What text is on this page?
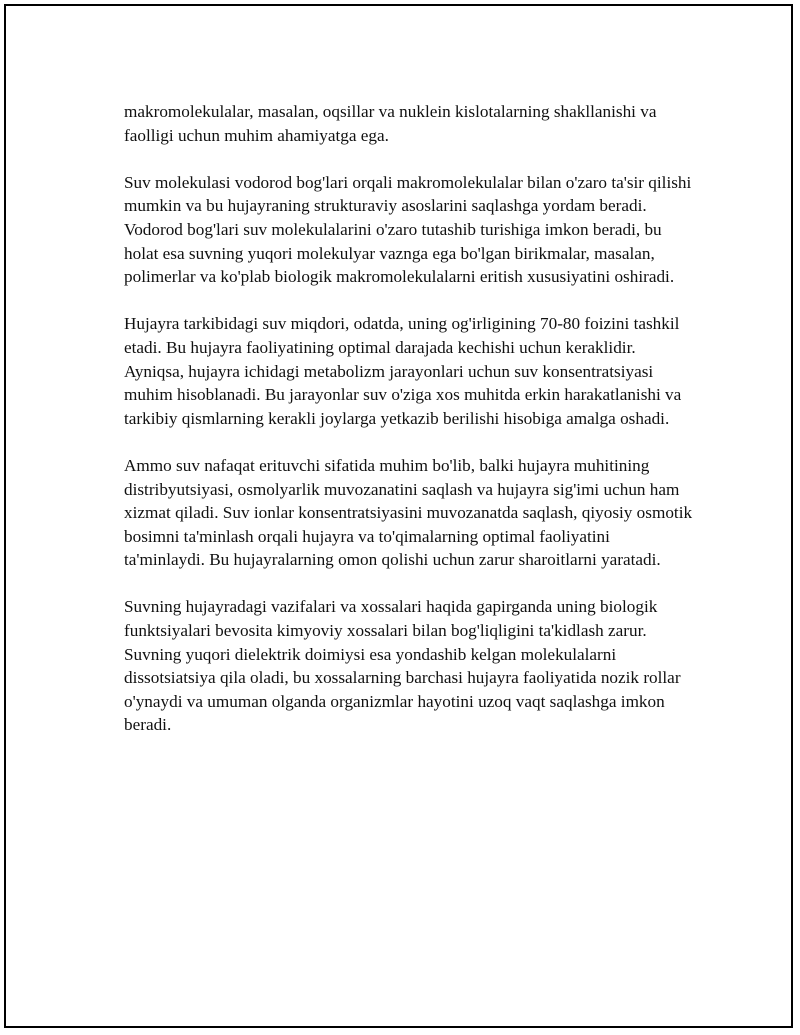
makromolekulalar, masalan, oqsillar va nuklein kislotalarning shakllanishi va faolligi uchun muhim ahamiyatga ega.

Suv molekulasi vodorod bog'lari orqali makromolekulalar bilan o'zaro ta'sir qilishi mumkin va bu hujayraning strukturaviy asoslarini saqlashga yordam beradi. Vodorod bog'lari suv molekulalarini o'zaro tutashib turishiga imkon beradi, bu holat esa suvning yuqori molekulyar vaznga ega bo'lgan birikmalar, masalan, polimerlar va ko'plab biologik makromolekulalarni eritish xususiyatini oshiradi.

Hujayra tarkibidagi suv miqdori, odatda, uning og'irligining 70-80 foizini tashkil etadi. Bu hujayra faoliyatining optimal darajada kechishi uchun keraklidir. Ayniqsa, hujayra ichidagi metabolizm jarayonlari uchun suv konsentratsiyasi muhim hisoblanadi. Bu jarayonlar suv o'ziga xos muhitda erkin harakatlanishi va tarkibiy qismlarning kerakli joylarga yetkazib berilishi hisobiga amalga oshadi.

Ammo suv nafaqat erituvchi sifatida muhim bo'lib, balki hujayra muhitining distribyutsiyasi, osmolyarlik muvozanatini saqlash va hujayra sig'imi uchun ham xizmat qiladi. Suv ionlar konsentratsiyasini muvozanatda saqlash, qiyosiy osmotik bosimni ta'minlash orqali hujayra va to'qimalarning optimal faoliyatini ta'minlaydi. Bu hujayralarning omon qolishi uchun zarur sharoitlarni yaratadi.

Suvning hujayradagi vazifalari va xossalari haqida gapirganda uning biologik funktsiyalari bevosita kimyoviy xossalari bilan bog'liqligini ta'kidlash zarur. Suvning yuqori dielektrik doimiysi esa yondashib kelgan molekulalarni dissotsiatsiya qila oladi, bu xossalarning barchasi hujayra faoliyatida nozik rollar o'ynaydi va umuman olganda organizmlar hayotini uzoq vaqt saqlashga imkon beradi.
